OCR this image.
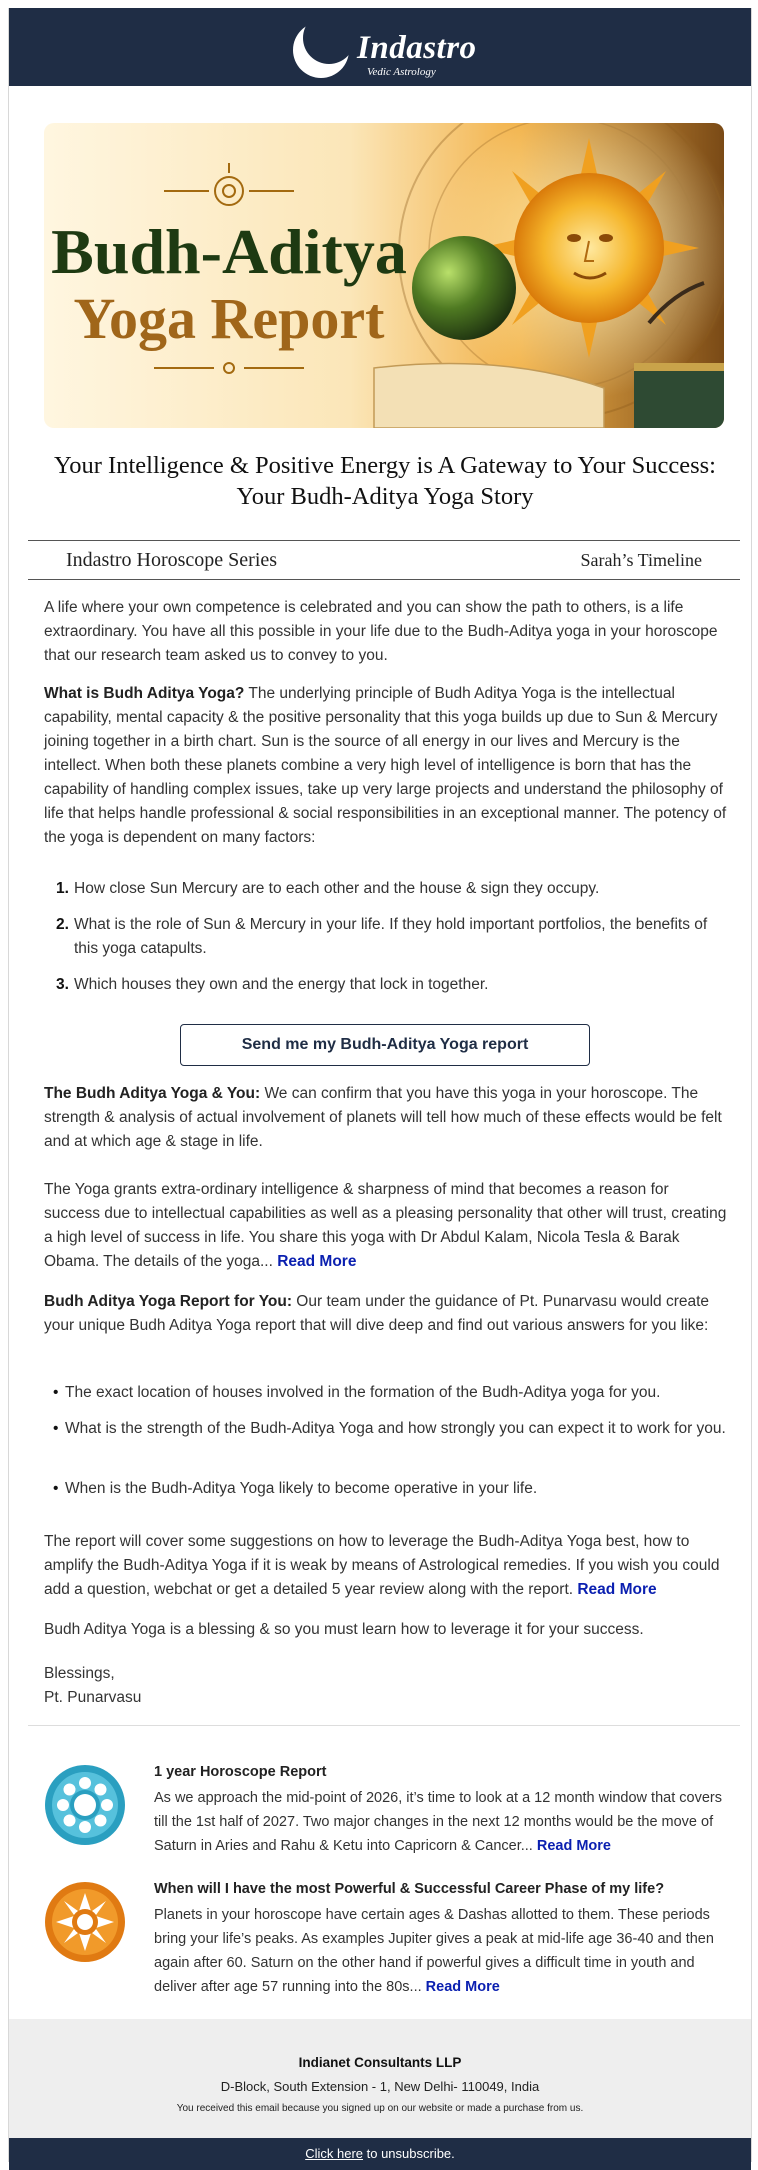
Indastro
Vedic Astrology
Budh-Aditya
Yoga Report
Your Intelligence & Positive Energy is A Gateway to Your Success: Your Budh-Aditya Yoga Story
Indastro Horoscope Series	Sarah’s Timeline

A life where your own competence is celebrated and you can show the path to others, is a life extraordinary. You have all this possible in your life due to the Budh-Aditya yoga in your horoscope that our research team asked us to convey to you.

What is Budh Aditya Yoga? The underlying principle of Budh Aditya Yoga is the intellectual capability, mental capacity & the positive personality that this yoga builds up due to Sun & Mercury joining together in a birth chart. Sun is the source of all energy in our lives and Mercury is the intellect. When both these planets combine a very high level of intelligence is born that has the capability of handling complex issues, take up very large projects and understand the philosophy of life that helps handle professional & social responsibilities in an exceptional manner. The potency of the yoga is dependent on many factors:

1. How close Sun Mercury are to each other and the house & sign they occupy.
2. What is the role of Sun & Mercury in your life. If they hold important portfolios, the benefits of this yoga catapults.
3. Which houses they own and the energy that lock in together.
Send me my Budh-Aditya Yoga report

The Budh Aditya Yoga & You: We can confirm that you have this yoga in your horoscope. The strength & analysis of actual involvement of planets will tell how much of these effects would be felt and at which age & stage in life.

The Yoga grants extra-ordinary intelligence & sharpness of mind that becomes a reason for success due to intellectual capabilities as well as a pleasing personality that other will trust, creating a high level of success in life. You share this yoga with Dr Abdul Kalam, Nicola Tesla & Barak Obama. The details of the yoga... Read More

Budh Aditya Yoga Report for You: Our team under the guidance of Pt. Punarvasu would create your unique Budh Aditya Yoga report that will dive deep and find out various answers for you like:

• The exact location of houses involved in the formation of the Budh-Aditya yoga for you.
• What is the strength of the Budh-Aditya Yoga and how strongly you can expect it to work for you.
• When is the Budh-Aditya Yoga likely to become operative in your life.

The report will cover some suggestions on how to leverage the Budh-Aditya Yoga best, how to amplify the Budh-Aditya Yoga if it is weak by means of Astrological remedies. If you wish you could add a question, webchat or get a detailed 5 year review along with the report. Read More

Budh Aditya Yoga is a blessing & so you must learn how to leverage it for your success.

Blessings,

Pt. Punarvasu

1 year Horoscope Report
As we approach the mid-point of 2026, it’s time to look at a 12 month window that covers till the 1st half of 2027. Two major changes in the next 12 months would be the move of Saturn in Aries and Rahu & Ketu into Capricorn & Cancer... Read More
When will I have the most Powerful & Successful Career Phase of my life?
Planets in your horoscope have certain ages & Dashas allotted to them. These periods bring your life’s peaks. As examples Jupiter gives a peak at mid-life age 36-40 and then again after 60. Saturn on the other hand if powerful gives a difficult time in youth and deliver after age 57 running into the 80s... Read More
Indianet Consultants LLP
D-Block, South Extension - 1, New Delhi- 110049, India
You received this email because you signed up on our website or made a purchase from us.
Click here to unsubscribe.
